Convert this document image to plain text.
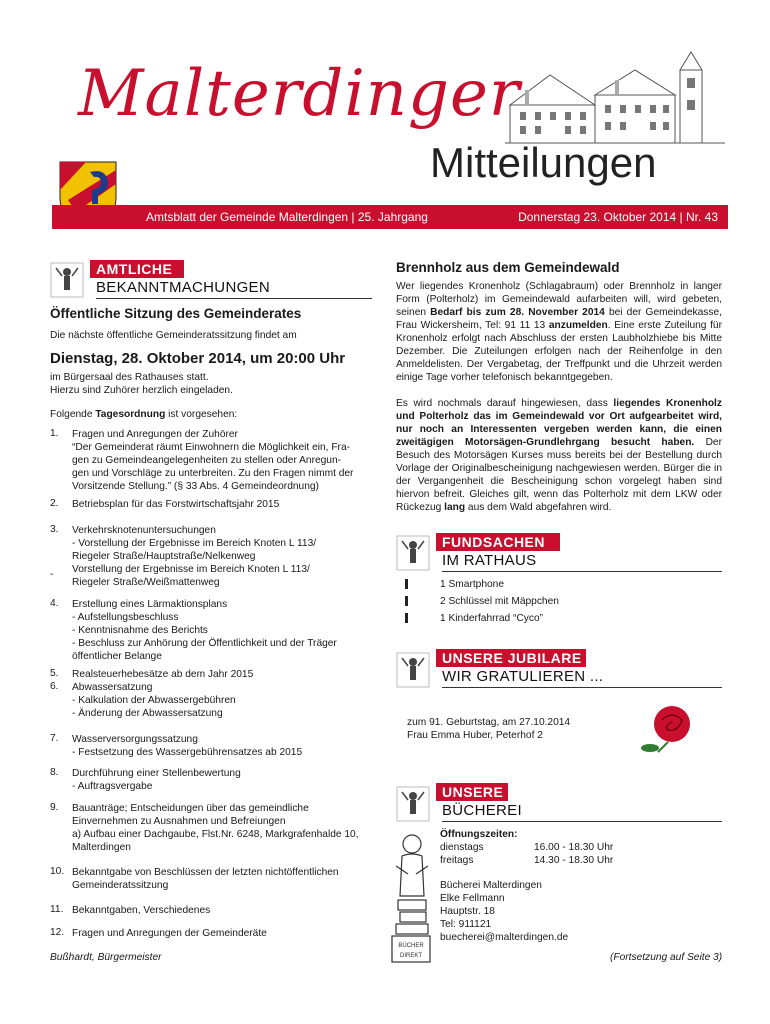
Malterdinger
Mitteilungen
Amtsblatt der Gemeinde Malterdingen | 25. Jahrgang	Donnerstag 23. Oktober 2014 | Nr. 43
AMTLICHE
BEKANNTMACHUNGEN
Öffentliche Sitzung des Gemeinderates
Die nächste öffentliche Gemeinderatssitzung findet am
Dienstag, 28. Oktober 2014, um 20:00 Uhr
im Bürgersaal des Rathauses statt.
Hierzu sind Zuhörer herzlich eingeladen.
Folgende Tagesordnung ist vorgesehen:
1. Fragen und Anregungen der Zuhörer
“Der Gemeinderat räumt Einwohnern die Möglichkeit ein, Fra-
gen zu Gemeindeangelegenheiten zu stellen oder Anregun-
gen und Vorschläge zu unterbreiten. Zu den Fragen nimmt der
Vorsitzende Stellung.” (§ 33 Abs. 4 Gemeindeordnung)
2. Betriebsplan für das Forstwirtschaftsjahr 2015
3. Verkehrsknotenuntersuchungen
- Vorstellung der Ergebnisse im Bereich Knoten L 113/
Riegeler Straße/Hauptstraße/Nelkenweg
Vorstellung der Ergebnisse im Bereich Knoten L 113/
Riegeler Straße/Weißmattenweg
4. Erstellung eines Lärmaktionsplans
- Aufstellungsbeschluss
- Kenntnisnahme des Berichts
- Beschluss zur Anhörung der Öffentlichkeit und der Träger
öffentlicher Belange
5. Realsteuerhebesätze ab dem Jahr 2015
6. Abwassersatzung
- Kalkulation der Abwassergebühren
- Änderung der Abwassersatzung
7. Wasserversorgungssatzung
- Festsetzung des Wassergebührensatzes ab 2015
8. Durchführung einer Stellenbewertung
- Auftragsvergabe
9. Bauanträge; Entscheidungen über das gemeindliche
Einvernehmen zu Ausnahmen und Befreiungen
a) Aufbau einer Dachgaube, Flst.Nr. 6248, Markgrafenhalde 10,
Malterdingen
10. Bekanntgabe von Beschlüssen der letzten nichtöffentlichen
Gemeinderatssitzung
11. Bekanntgaben, Verschiedenes
12. Fragen und Anregungen der Gemeinderäte
-
Bußhardt, Bürgermeister
Brennholz aus dem Gemeindewald

Wer liegendes Kronenholz (Schlagabraum) oder Brennholz in langer Form (Polterholz) im Gemeindewald aufarbeiten will, wird gebeten, seinen Bedarf bis zum 28. November 2014 bei der Gemeindekasse, Frau Wickersheim, Tel: 91 11 13 anzumelden. Eine erste Zuteilung für Kronenholz erfolgt nach Abschluss der ersten Laubholzhiebe bis Mitte Dezember. Die Zuteilungen erfolgen nach der Reihenfolge in den Anmeldelisten. Der Vergabetag, der Treffpunkt und die Uhrzeit werden einige Tage vorher telefonisch bekanntgegeben.

Es wird nochmals darauf hingewiesen, dass liegendes Kronenholz und Polterholz das im Gemeindewald vor Ort aufgearbeitet wird, nur noch an Interessenten vergeben werden kann, die einen zweitägigen Motorsägen-Grundlehrgang besucht haben. Der Besuch des Motorsägen Kurses muss bereits bei der Bestellung durch Vorlage der Originalbescheinigung nachgewiesen werden. Bürger die in der Vergangenheit die Bescheinigung schon vorgelegt haben sind hiervon befreit. Gleiches gilt, wenn das Polterholz mit dem LKW oder Rückezug lang aus dem Wald abgefahren wird.

FUNDSACHEN
IM RATHAUS
1 Smartphone
2 Schlüssel mit Mäppchen
1 Kinderfahrrad “Cyco”
UNSERE JUBILARE
WIR GRATULIEREN ...
zum 91. Geburtstag, am 27.10.2014
Frau Emma Huber, Peterhof 2
UNSERE
BÜCHEREI
BÜCHER
DIREKT
Öffnungszeiten:
dienstags	16.00 - 18.30 Uhr
freitags	14.30 - 18.30 Uhr
Bücherei Malterdingen
Elke Fellmann
Hauptstr. 18
Tel: 911121
buecherei@malterdingen.de
(Fortsetzung auf Seite 3)
